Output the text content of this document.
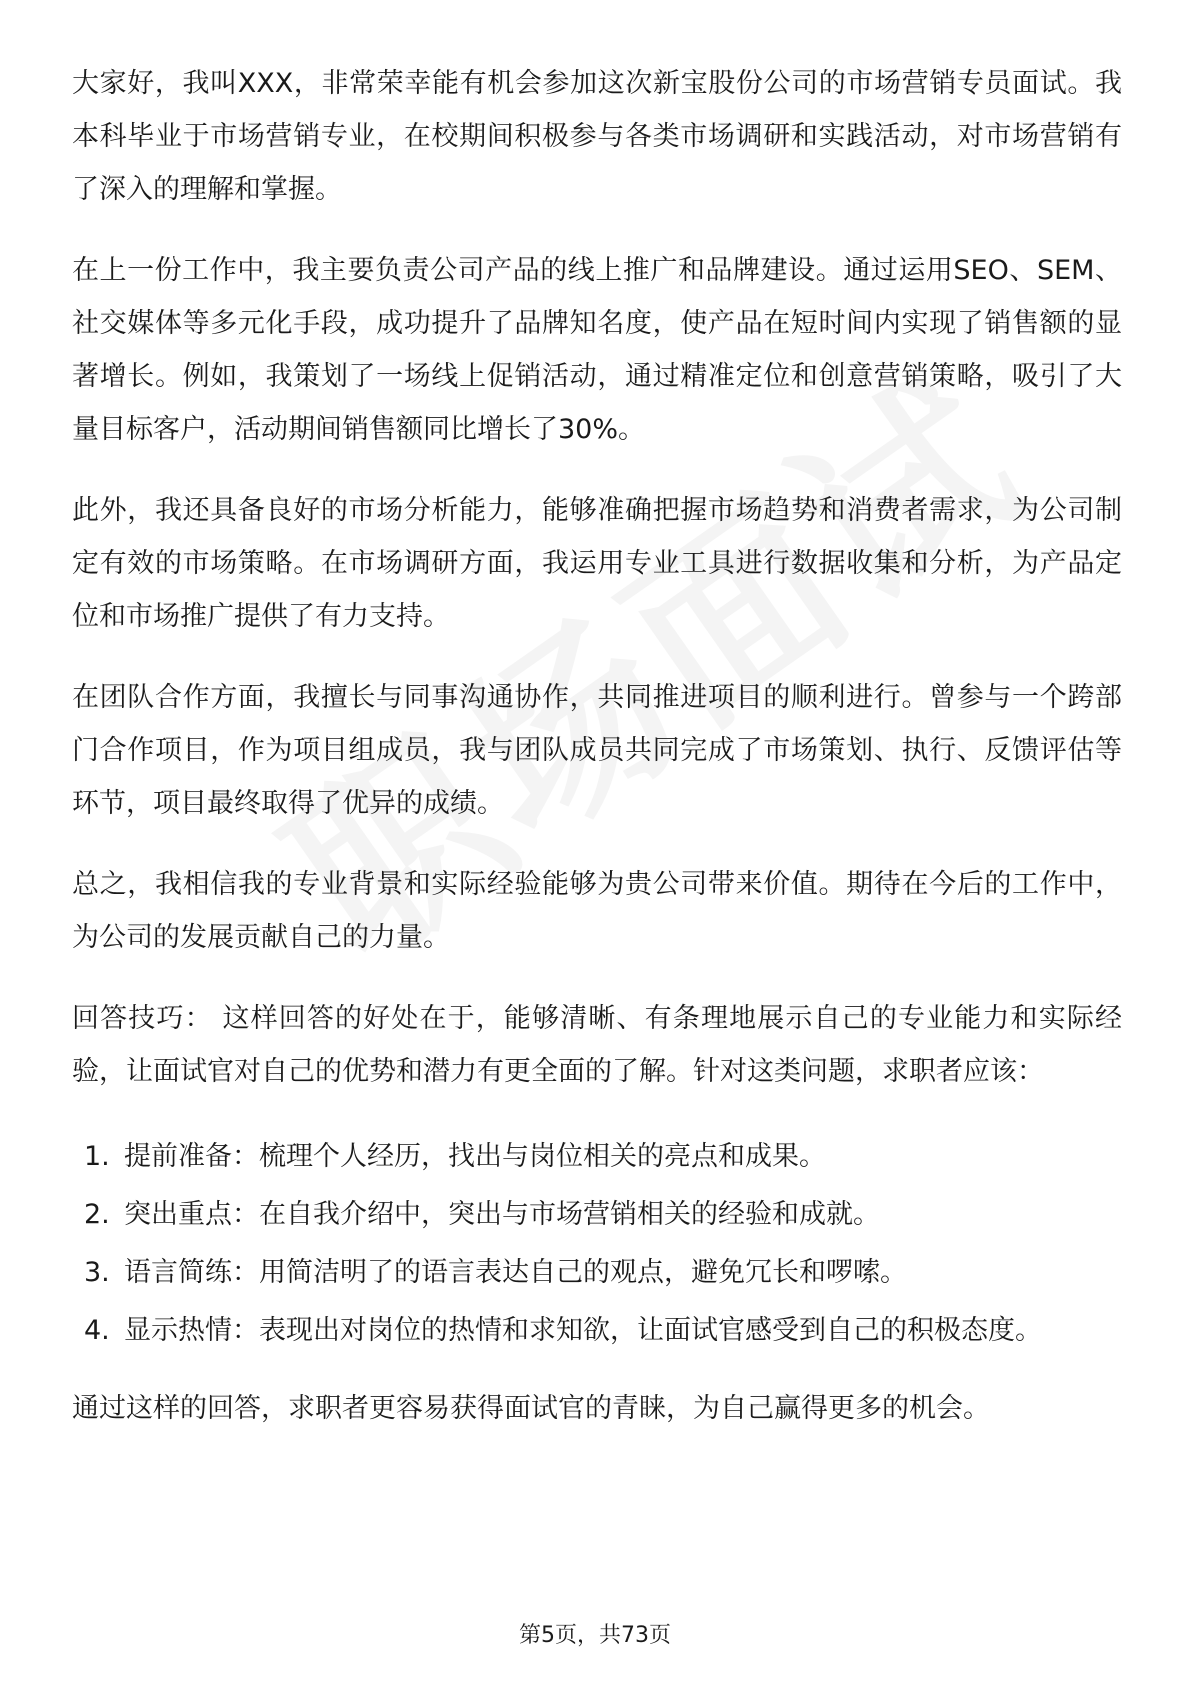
大家好，我叫XXX，非常荣幸能有机会参加这次新宝股份公司的市场营销专员面试。我本科毕业于市场营销专业，在校期间积极参与各类市场调研和实践活动，对市场营销有了深入的理解和掌握。

在上一份工作中，我主要负责公司产品的线上推广和品牌建设。通过运用SEO、SEM、社交媒体等多元化手段，成功提升了品牌知名度，使产品在短时间内实现了销售额的显著增长。例如，我策划了一场线上促销活动，通过精准定位和创意营销策略，吸引了大量目标客户，活动期间销售额同比增长了30%。

此外，我还具备良好的市场分析能力，能够准确把握市场趋势和消费者需求，为公司制定有效的市场策略。在市场调研方面，我运用专业工具进行数据收集和分析，为产品定位和市场推广提供了有力支持。

在团队合作方面，我擅长与同事沟通协作，共同推进项目的顺利进行。曾参与一个跨部门合作项目，作为项目组成员，我与团队成员共同完成了市场策划、执行、反馈评估等环节，项目最终取得了优异的成绩。

总之，我相信我的专业背景和实际经验能够为贵公司带来价值。期待在今后的工作中，为公司的发展贡献自己的力量。

回答技巧： 这样回答的好处在于，能够清晰、有条理地展示自己的专业能力和实际经验，让面试官对自己的优势和潜力有更全面的了解。针对这类问题，求职者应该：

1. 提前准备：梳理个人经历，找出与岗位相关的亮点和成果。
2. 突出重点：在自我介绍中，突出与市场营销相关的经验和成就。
3. 语言简练：用简洁明了的语言表达自己的观点，避免冗长和啰嗦。
4. 显示热情：表现出对岗位的热情和求知欲，让面试官感受到自己的积极态度。

通过这样的回答，求职者更容易获得面试官的青睐，为自己赢得更多的机会。

第5页，共73页
